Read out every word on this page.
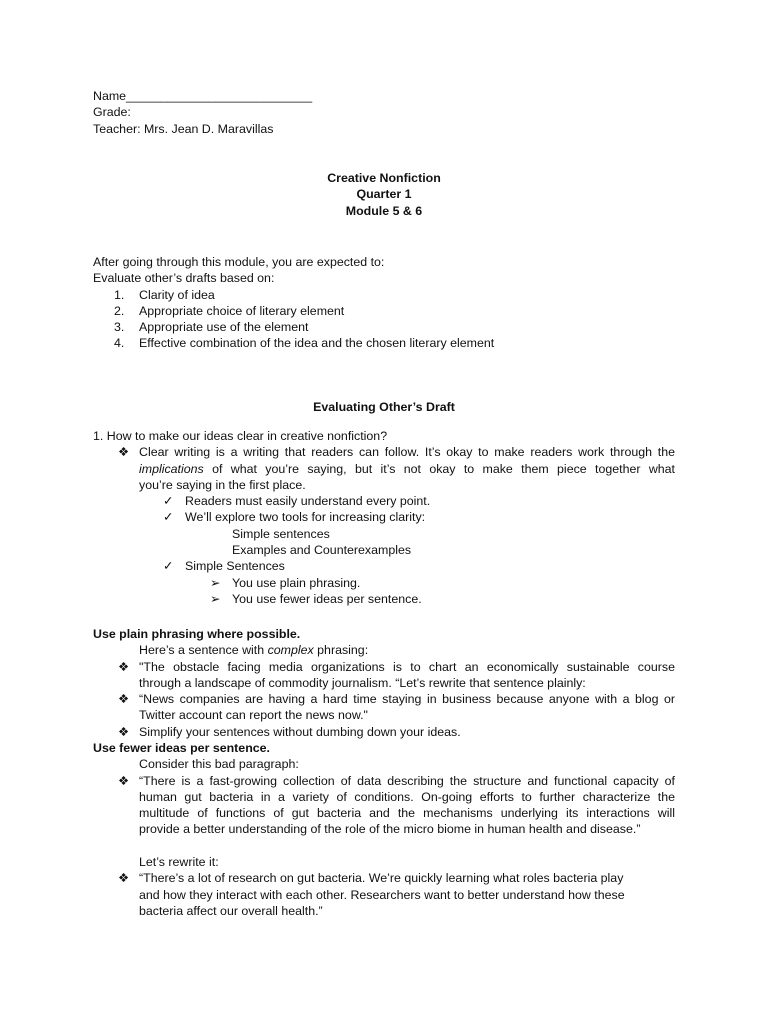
Name___________________________
Grade:
Teacher: Mrs. Jean D. Maravillas
Creative Nonfiction
Quarter 1
Module 5 & 6
After going through this module, you are expected to:
Evaluate other’s drafts based on:
1. Clarity of idea
2. Appropriate choice of literary element
3. Appropriate use of the element
4. Effective combination of the idea and the chosen literary element
Evaluating Other’s Draft
1. How to make our ideas clear in creative nonfiction?
❖ Clear writing is a writing that readers can follow. It’s okay to make readers work through the
implications of what you’re saying, but it’s not okay to make them piece together what
you’re saying in the first place.
✓ Readers must easily understand every point.
✓ We’ll explore two tools for increasing clarity:
Simple sentences
Examples and Counterexamples
✓ Simple Sentences
➢ You use plain phrasing.
➢ You use fewer ideas per sentence.
Use plain phrasing where possible.
Here’s a sentence with complex phrasing:
❖ "The obstacle facing media organizations is to chart an economically sustainable course
through a landscape of commodity journalism. “Let’s rewrite that sentence plainly:
❖ “News companies are having a hard time staying in business because anyone with a blog or
Twitter account can report the news now."
❖ Simplify your sentences without dumbing down your ideas.
Use fewer ideas per sentence.
Consider this bad paragraph:
❖ “There is a fast-growing collection of data describing the structure and functional capacity of
human gut bacteria in a variety of conditions. On-going efforts to further characterize the
multitude of functions of gut bacteria and the mechanisms underlying its interactions will
provide a better understanding of the role of the micro biome in human health and disease.”
Let’s rewrite it:
❖ “There’s a lot of research on gut bacteria. We’re quickly learning what roles bacteria play
and how they interact with each other. Researchers want to better understand how these
bacteria affect our overall health.”
